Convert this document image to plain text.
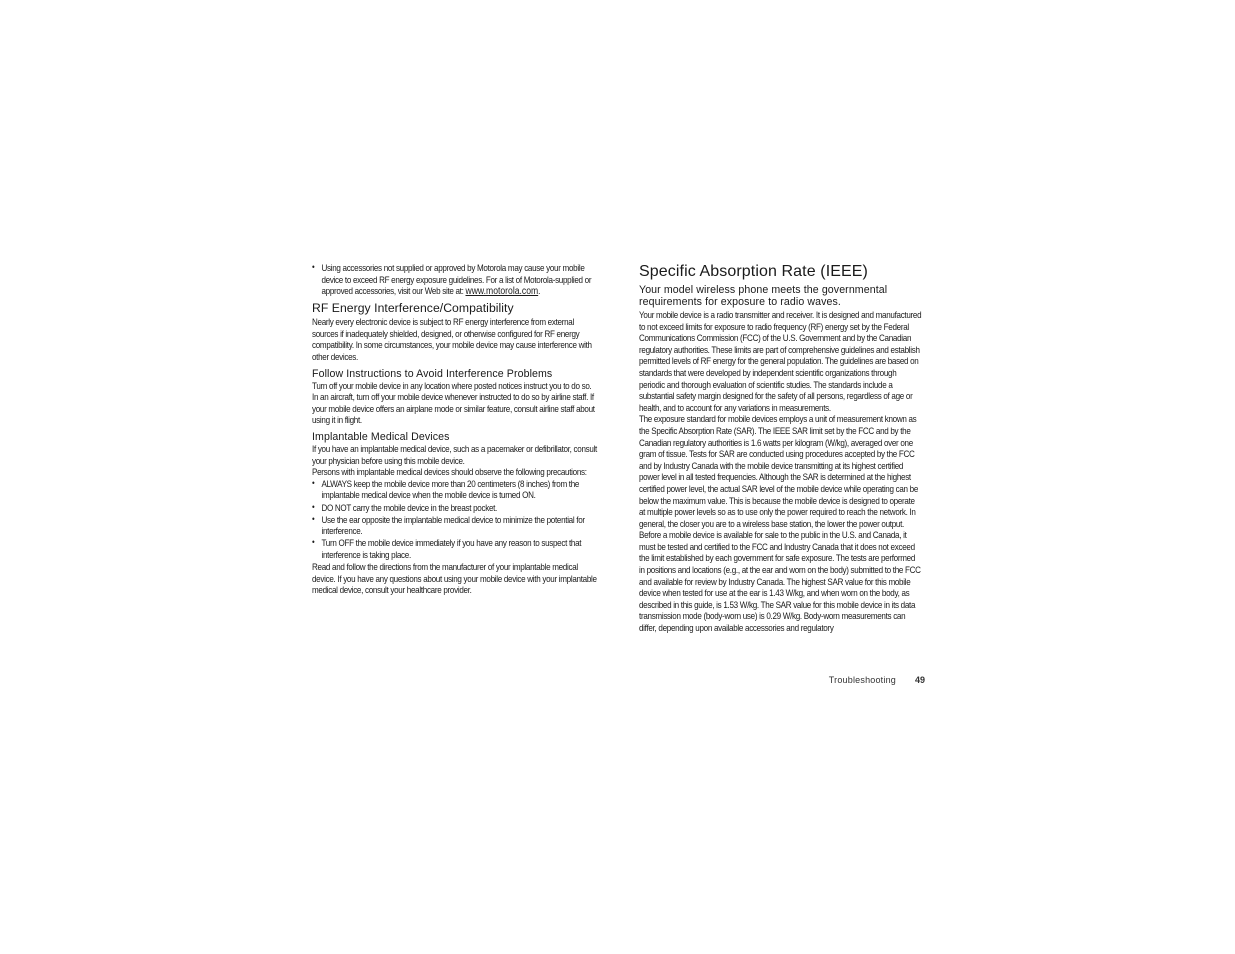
• Using accessories not supplied or approved by Motorola may cause your mobile device to exceed RF energy exposure guidelines. For a list of Motorola-supplied or approved accessories, visit our Web site at: www.motorola.com.
RF Energy Interference/Compatibility

Nearly every electronic device is subject to RF energy interference from external sources if inadequately shielded, designed, or otherwise configured for RF energy compatibility. In some circumstances, your mobile device may cause interference with other devices.

Follow Instructions to Avoid Interference Problems

Turn off your mobile device in any location where posted notices instruct you to do so.

In an aircraft, turn off your mobile device whenever instructed to do so by airline staff. If your mobile device offers an airplane mode or similar feature, consult airline staff about using it in flight.

Implantable Medical Devices

If you have an implantable medical device, such as a pacemaker or defibrillator, consult your physician before using this mobile device.

Persons with implantable medical devices should observe the following precautions:

• ALWAYS keep the mobile device more than 20 centimeters (8 inches) from the implantable medical device when the mobile device is turned ON.
• DO NOT carry the mobile device in the breast pocket.
• Use the ear opposite the implantable medical device to minimize the potential for interference.
• Turn OFF the mobile device immediately if you have any reason to suspect that interference is taking place.

Read and follow the directions from the manufacturer of your implantable medical device. If you have any questions about using your mobile device with your implantable medical device, consult your healthcare provider.

Specific Absorption Rate (IEEE)
Your model wireless phone meets the governmental requirements for exposure to radio waves.

Your mobile device is a radio transmitter and receiver. It is designed and manufactured to not exceed limits for exposure to radio frequency (RF) energy set by the Federal Communications Commission (FCC) of the U.S. Government and by the Canadian regulatory authorities. These limits are part of comprehensive guidelines and establish permitted levels of RF energy for the general population. The guidelines are based on standards that were developed by independent scientific organizations through periodic and thorough evaluation of scientific studies. The standards include a substantial safety margin designed for the safety of all persons, regardless of age or health, and to account for any variations in measurements.

The exposure standard for mobile devices employs a unit of measurement known as the Specific Absorption Rate (SAR). The IEEE SAR limit set by the FCC and by the Canadian regulatory authorities is 1.6 watts per kilogram (W/kg), averaged over one gram of tissue. Tests for SAR are conducted using procedures accepted by the FCC and by Industry Canada with the mobile device transmitting at its highest certified power level in all tested frequencies. Although the SAR is determined at the highest certified power level, the actual SAR level of the mobile device while operating can be below the maximum value. This is because the mobile device is designed to operate at multiple power levels so as to use only the power required to reach the network. In general, the closer you are to a wireless base station, the lower the power output.

Before a mobile device is available for sale to the public in the U.S. and Canada, it must be tested and certified to the FCC and Industry Canada that it does not exceed the limit established by each government for safe exposure. The tests are performed in positions and locations (e.g., at the ear and worn on the body) submitted to the FCC and available for review by Industry Canada. The highest SAR value for this mobile device when tested for use at the ear is 1.43 W/kg, and when worn on the body, as described in this guide, is 1.53 W/kg. The SAR value for this mobile device in its data transmission mode (body-worn use) is 0.29 W/kg. Body-worn measurements can differ, depending upon available accessories and regulatory

Troubleshooting 49
